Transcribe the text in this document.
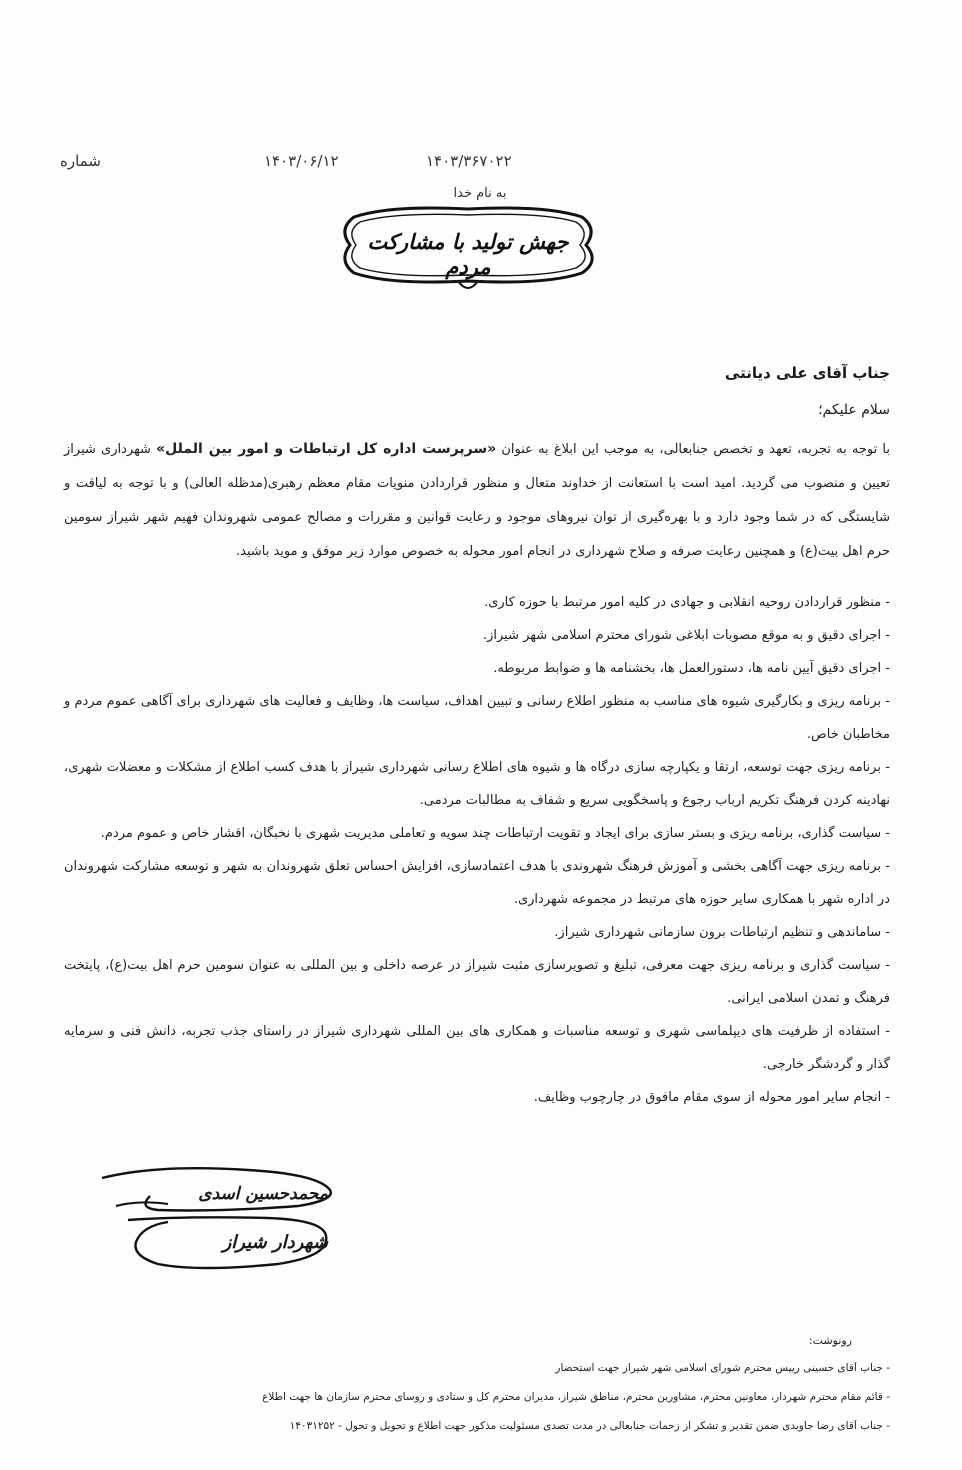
شماره	۱۴۰۳/۰۶/۱۲	۱۴۰۳/۳۶۷۰۲۲
به نام خدا
جهش تولید با مشارکت مردم
جناب آقای علی دیانتی
سلام علیکم؛

با توجه به تجربه، تعهد و تخصص جنابعالی، به موجب این ابلاغ به عنوان «سرپرست اداره کل ارتباطات و امور بین الملل» شهرداری شیراز تعیین و منصوب می گردید. امید است با استعانت از خداوند متعال و منظور قراردادن منویات مقام معظم رهبری(مدظله العالی) و با توجه به لیاقت و شایستگی که در شما وجود دارد و با بهره‌گیری از توان نیروهای موجود و رعایت قوانین و مقررات و مصالح عمومی شهروندان فهیم شهر شیراز سومین حرم اهل بیت(ع) و همچنین رعایت صرفه و صلاح شهرداری در انجام امور محوله به خصوص موارد زیر موفق و موید باشید.

- منظور قراردادن روحیه انقلابی و جهادی در کلیه امور مرتبط با حوزه کاری.
- اجرای دقیق و به موقع مصوبات ابلاغی شورای محترم اسلامی شهر شیراز.
- اجرای دقیق آیین نامه ها، دستورالعمل ها، بخشنامه ها و ضوابط مربوطه.
- برنامه ریزی و بکارگیری شیوه های مناسب به منظور اطلاع رسانی و تبیین اهداف، سیاست ها، وظایف و فعالیت های شهرداری برای آگاهی عموم مردم و مخاطبان خاص.
- برنامه ریزی جهت توسعه، ارتقا و یکپارچه سازی درگاه ها و شیوه های اطلاع رسانی شهرداری شیراز با هدف کسب اطلاع از مشکلات و معضلات شهری، نهادینه کردن فرهنگ تکریم ارباب رجوع و پاسخگویی سریع و شفاف به مطالبات مردمی.
- سیاست گذاری، برنامه ریزی و بستر سازی برای ایجاد و تقویت ارتباطات چند سویه و تعاملی مدیریت شهری با نخبگان، اقشار خاص و عموم مردم.
- برنامه ریزی جهت آگاهی بخشی و آموزش فرهنگ شهروندی با هدف اعتمادسازی، افزایش احساس تعلق شهروندان به شهر و توسعه مشارکت شهروندان در اداره شهر با همکاری سایر حوزه های مرتبط در مجموعه شهرداری.
- ساماندهی و تنظیم ارتباطات برون سازمانی شهرداری شیراز.
- سیاست گذاری و برنامه ریزی جهت معرفی، تبلیغ و تصویرسازی مثبت شیراز در عرصه داخلی و بین المللی به عنوان سومین حرم اهل بیت(ع)، پایتخت فرهنگ و تمدن اسلامی ایرانی.
- استفاده از ظرفیت های دیپلماسی شهری و توسعه مناسبات و همکاری های بین المللی شهرداری شیراز در راستای جذب تجربه، دانش فنی و سرمایه گذار و گردشگر خارجی.
- انجام سایر امور محوله از سوی مقام مافوق در چارچوب وظایف.
محمدحسین اسدی
شهردار شیراز
رونوشت:
- جناب آقای حسینی رییس محترم شورای اسلامی شهر شیراز جهت استحضار
- قائم مقام محترم شهردار، معاونین محترم، مشاورین محترم، مناطق شیراز، مدیران محترم کل و ستادی و روسای محترم سازمان ها جهت اطلاع
- جناب آقای رضا جاویدی ضمن تقدیر و تشکر از زحمات جنابعالی در مدت تصدی مسئولیت مذکور جهت اطلاع و تحویل و تحول - ۱۴۰۳۱۲۵۲
